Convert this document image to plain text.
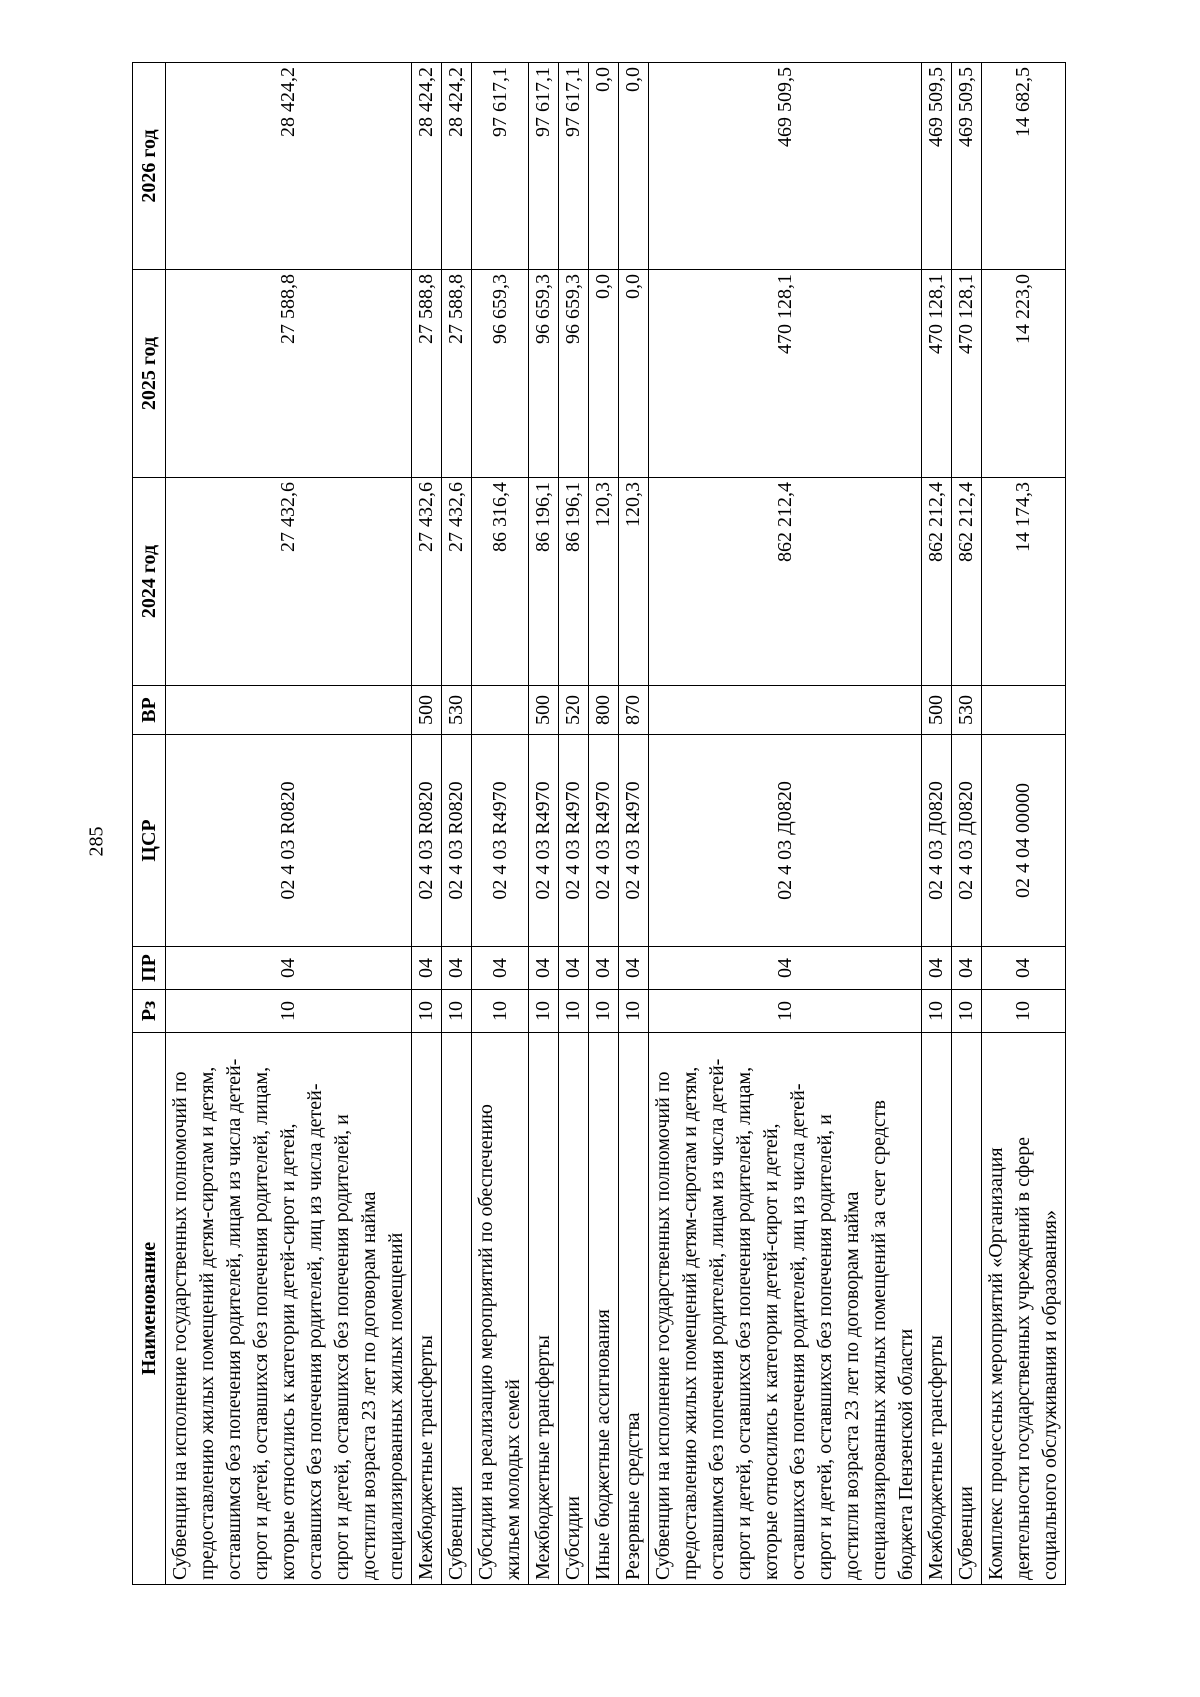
285
Наименование	Рз	ПР	ЦСР	ВР	2024 год	2025 год	2026 год
Субвенции на исполнение государственных полномочий по предоставлению жилых помещений детям-сиротам и детям, оставшимся без попечения родителей, лицам из числа детей-сирот и детей, оставшихся без попечения родителей, лицам, которые относились к категории детей-сирот и детей, оставшихся без попечения родителей, лиц из числа детей-сирот и детей, оставшихся без попечения родителей, и достигли возраста 23 лет по договорам найма специализированных жилых помещений	10	04	02 4 03 R0820		27 432,6	27 588,8	28 424,2
Межбюджетные трансферты	10	04	02 4 03 R0820	500	27 432,6	27 588,8	28 424,2
Субвенции	10	04	02 4 03 R0820	530	27 432,6	27 588,8	28 424,2
Субсидии на реализацию мероприятий по обеспечению жильем молодых семей	10	04	02 4 03 R4970		86 316,4	96 659,3	97 617,1
Межбюджетные трансферты	10	04	02 4 03 R4970	500	86 196,1	96 659,3	97 617,1
Субсидии	10	04	02 4 03 R4970	520	86 196,1	96 659,3	97 617,1
Иные бюджетные ассигнования	10	04	02 4 03 R4970	800	120,3	0,0	0,0
Резервные средства	10	04	02 4 03 R4970	870	120,3	0,0	0,0
Субвенции на исполнение государственных полномочий по предоставлению жилых помещений детям-сиротам и детям, оставшимся без попечения родителей, лицам из числа детей-сирот и детей, оставшихся без попечения родителей, лицам, которые относились к категории детей-сирот и детей, оставшихся без попечения родителей, лиц из числа детей-сирот и детей, оставшихся без попечения родителей, и достигли возраста 23 лет по договорам найма специализированных жилых помещений за счет средств бюджета Пензенской области	10	04	02 4 03 Д0820		862 212,4	470 128,1	469 509,5
Межбюджетные трансферты	10	04	02 4 03 Д0820	500	862 212,4	470 128,1	469 509,5
Субвенции	10	04	02 4 03 Д0820	530	862 212,4	470 128,1	469 509,5
Комплекс процессных мероприятий «Организация деятельности государственных учреждений в сфере социального обслуживания и образования»	10	04	02 4 04 00000		14 174,3	14 223,0	14 682,5
